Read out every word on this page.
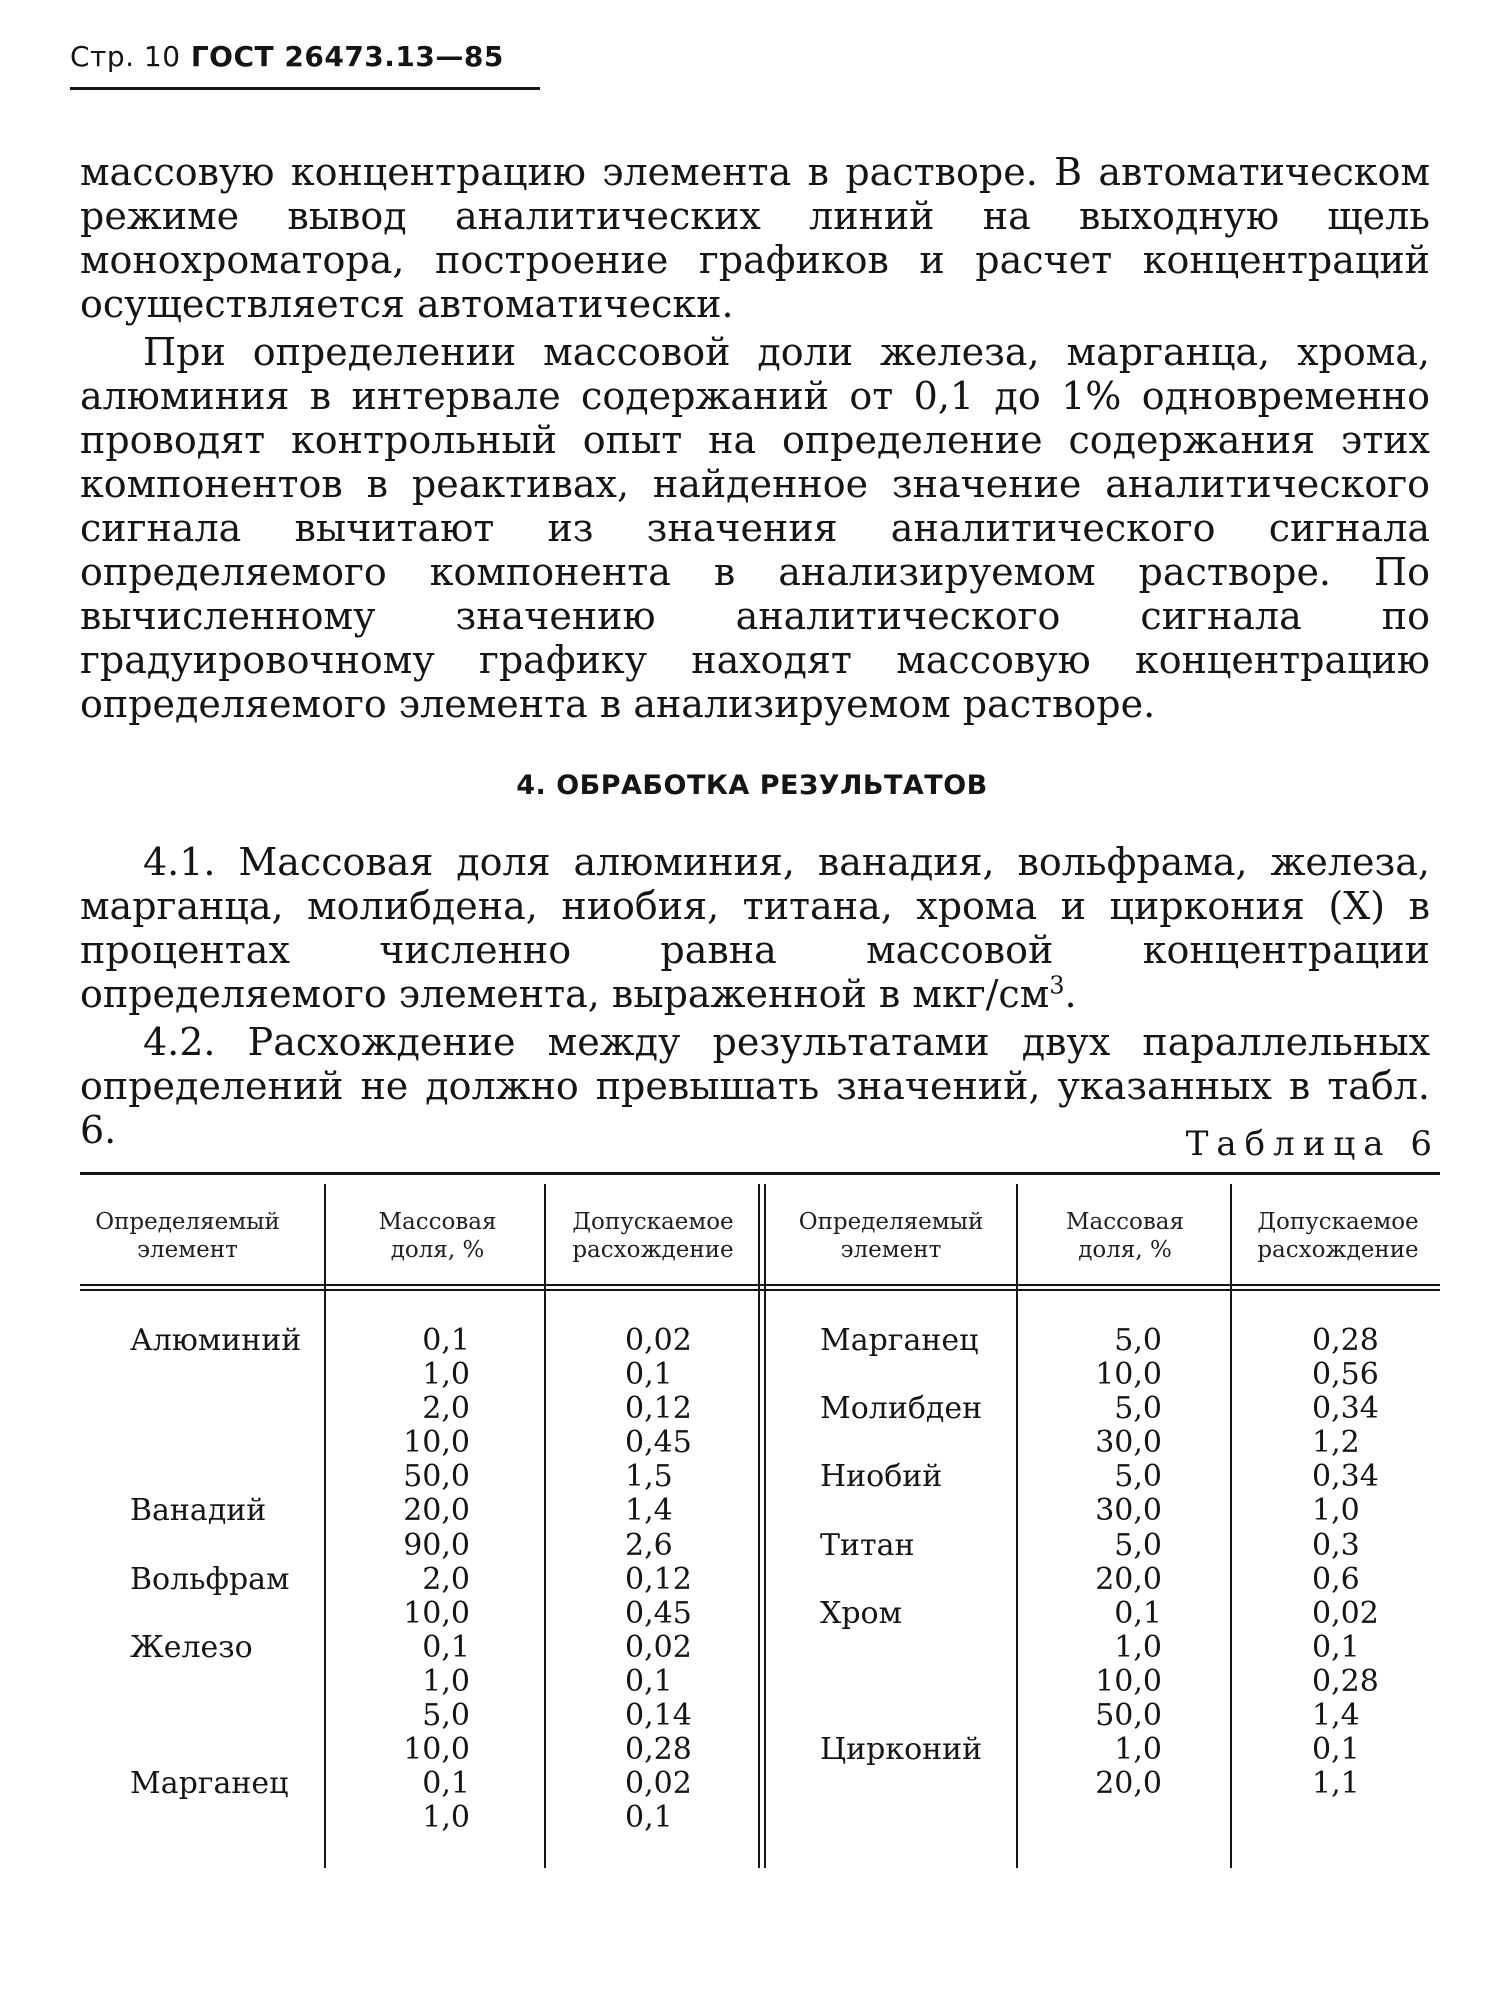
Стр. 10 ГОСТ 26473.13—85

массовую концентрацию элемента в растворе. В автоматическом режиме вывод аналитических линий на выходную щель монохроматора, построение графиков и расчет концентраций осуществляется автоматически.

При определении массовой доли железа, марганца, хрома, алюминия в интервале содержаний от 0,1 до 1% одновременно проводят контрольный опыт на определение содержания этих компонентов в реактивах, найденное значение аналитического сигнала вычитают из значения аналитического сигнала определяемого компонента в анализируемом растворе. По вычисленному значению аналитического сигнала по градуировочному графику находят массовую концентрацию определяемого элемента в анализируемом растворе.

4. ОБРАБОТКА РЕЗУЛЬТАТОВ

4.1. Массовая доля алюминия, ванадия, вольфрама, железа, марганца, молибдена, ниобия, титана, хрома и циркония (X) в процентах численно равна массовой концентрации определяемого элемента, выраженной в мкг/$см^3$.

4.2. Расхождение между результатами двух параллельных определений не должно превышать значений, указанных в табл. 6.	Таблица 6
Определяемый элемент
Массовая доля, %
Допускаемое расхождение
Определяемый элемент
Массовая доля, %
Допускаемое расхождение
Алюминий
Ванадий
Вольфрам
Железо
Марганец
0,1
1,0
2,0
10,0
50,0
20,0
90,0
2,0
10,0
0,1
1,0
5,0
10,0
0,1
1,0
0,02
0,1
0,12
0,45
1,5
1,4
2,6
0,12
0,45
0,02
0,1
0,14
0,28
0,02
0,1
Марганец
Молибден
Ниобий
Титан
Хром
Цирконий
5,0
10,0
5,0
30,0
5,0
30,0
5,0
20,0
0,1
1,0
10,0
50,0
1,0
20,0
0,28
0,56
0,34
1,2
0,34
1,0
0,3
0,6
0,02
0,1
0,28
1,4
0,1
1,1
